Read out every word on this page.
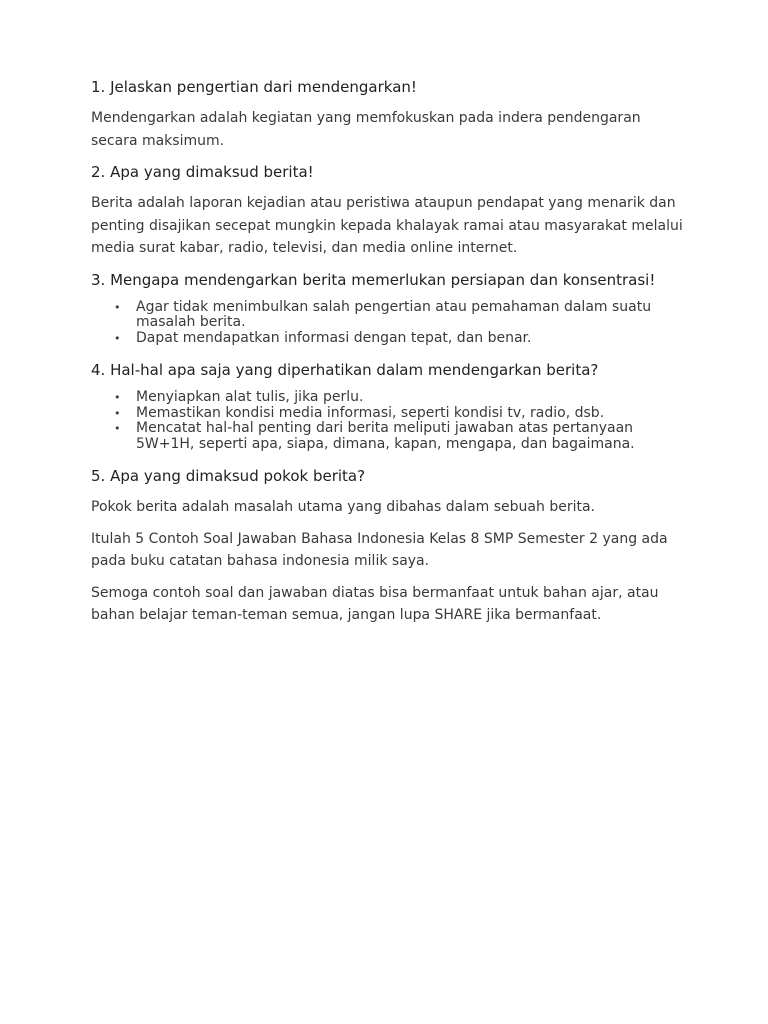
1. Jelaskan pengertian dari mendengarkan!
Mendengarkan adalah kegiatan yang memfokuskan pada indera pendengaran secara maksimum.
2. Apa yang dimaksud berita!
Berita adalah laporan kejadian atau peristiwa ataupun pendapat yang menarik dan penting disajikan secepat mungkin kepada khalayak ramai atau masyarakat melalui media surat kabar, radio, televisi, dan media online internet.
3. Mengapa mendengarkan berita memerlukan persiapan dan konsentrasi!
• Agar tidak menimbulkan salah pengertian atau pemahaman dalam suatu masalah berita.
• Dapat mendapatkan informasi dengan tepat, dan benar.
4. Hal-hal apa saja yang diperhatikan dalam mendengarkan berita?
• Menyiapkan alat tulis, jika perlu.
• Memastikan kondisi media informasi, seperti kondisi tv, radio, dsb.
• Mencatat hal-hal penting dari berita meliputi jawaban atas pertanyaan 5W+1H, seperti apa, siapa, dimana, kapan, mengapa, dan bagaimana.
5. Apa yang dimaksud pokok berita?
Pokok berita adalah masalah utama yang dibahas dalam sebuah berita.
Itulah 5 Contoh Soal Jawaban Bahasa Indonesia Kelas 8 SMP Semester 2 yang ada pada buku catatan bahasa indonesia milik saya.
Semoga contoh soal dan jawaban diatas bisa bermanfaat untuk bahan ajar, atau bahan belajar teman-teman semua, jangan lupa SHARE jika bermanfaat.
